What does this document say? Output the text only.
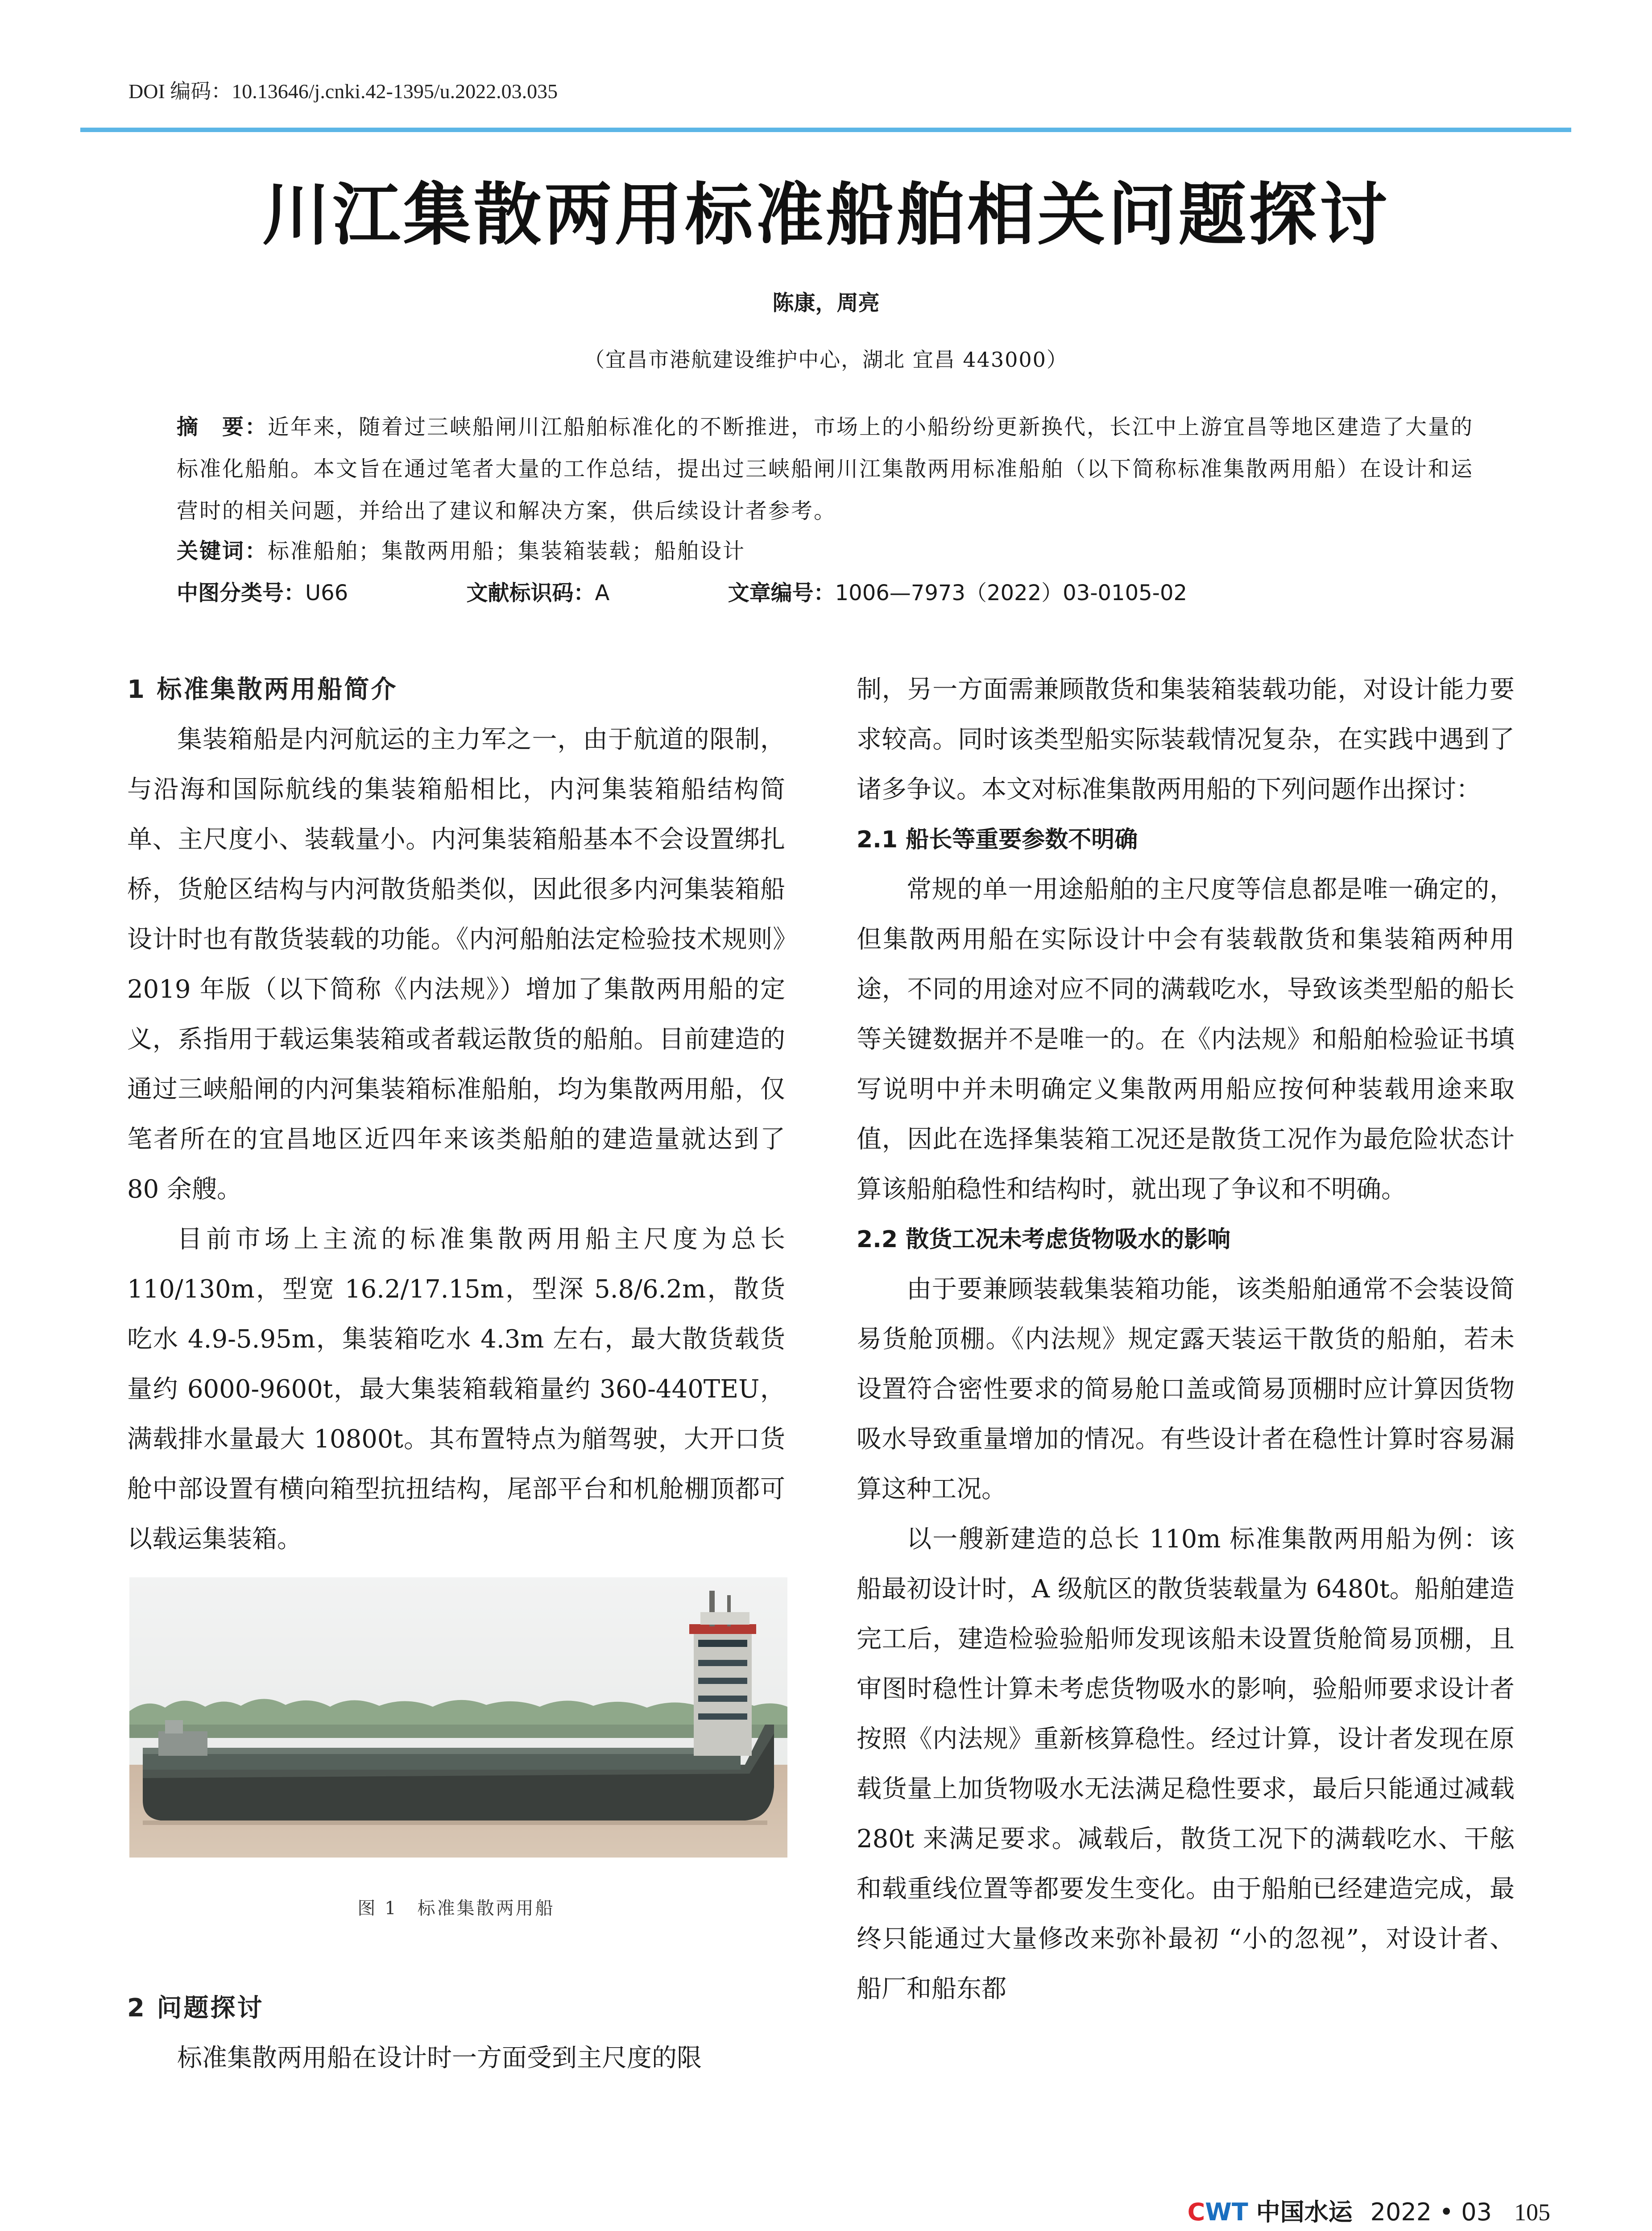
DOI 编码：10.13646/j.cnki.42-1395/u.2022.03.035
川江集散两用标准船舶相关问题探讨
陈康，周亮
（宜昌市港航建设维护中心，湖北 宜昌 443000）
摘　要：近年来，随着过三峡船闸川江船舶标准化的不断推进，市场上的小船纷纷更新换代，长江中上游宜昌等地区建造了大量的标准化船舶。本文旨在通过笔者大量的工作总结，提出过三峡船闸川江集散两用标准船舶（以下简称标准集散两用船）在设计和运营时的相关问题，并给出了建议和解决方案，供后续设计者参考。
关键词：标准船舶；集散两用船；集装箱装载；船舶设计
中图分类号：U66	文献标识码：A	文章编号：1006—7973（2022）03-0105-02
1 标准集散两用船简介

集装箱船是内河航运的主力军之一，由于航道的限制，与沿海和国际航线的集装箱船相比，内河集装箱船结构简单、主尺度小、装载量小。内河集装箱船基本不会设置绑扎桥，货舱区结构与内河散货船类似，因此很多内河集装箱船设计时也有散货装载的功能。《内河船舶法定检验技术规则》2019 年版（以下简称《内法规》）增加了集散两用船的定义，系指用于载运集装箱或者载运散货的船舶。目前建造的通过三峡船闸的内河集装箱标准船舶，均为集散两用船，仅笔者所在的宜昌地区近四年来该类船舶的建造量就达到了 80 余艘。

目前市场上主流的标准集散两用船主尺度为总长 110/130m，型宽 16.2/17.15m，型深 5.8/6.2m，散货吃水 4.9-5.95m，集装箱吃水 4.3m 左右，最大散货载货量约 6000-9600t，最大集装箱载箱量约 360-440TEU，满载排水量最大 10800t。其布置特点为艏驾驶，大开口货舱中部设置有横向箱型抗扭结构，尾部平台和机舱棚顶都可以载运集装箱。

图 1　标准集散两用船
2 问题探讨

标准集散两用船在设计时一方面受到主尺度的限

制，另一方面需兼顾散货和集装箱装载功能，对设计能力要求较高。同时该类型船实际装载情况复杂，在实践中遇到了诸多争议。本文对标准集散两用船的下列问题作出探讨：

2.1 船长等重要参数不明确

常规的单一用途船舶的主尺度等信息都是唯一确定的，但集散两用船在实际设计中会有装载散货和集装箱两种用途，不同的用途对应不同的满载吃水，导致该类型船的船长等关键数据并不是唯一的。在《内法规》和船舶检验证书填写说明中并未明确定义集散两用船应按何种装载用途来取值，因此在选择集装箱工况还是散货工况作为最危险状态计算该船舶稳性和结构时，就出现了争议和不明确。

2.2 散货工况未考虑货物吸水的影响

由于要兼顾装载集装箱功能，该类船舶通常不会装设简易货舱顶棚。《内法规》规定露天装运干散货的船舶，若未设置符合密性要求的简易舱口盖或简易顶棚时应计算因货物吸水导致重量增加的情况。有些设计者在稳性计算时容易漏算这种工况。

以一艘新建造的总长 110m 标准集散两用船为例：该船最初设计时，A 级航区的散货装载量为 6480t。船舶建造完工后，建造检验验船师发现该船未设置货舱简易顶棚，且审图时稳性计算未考虑货物吸水的影响，验船师要求设计者按照《内法规》重新核算稳性。经过计算，设计者发现在原载货量上加货物吸水无法满足稳性要求，最后只能通过减载 280t 来满足要求。减载后，散货工况下的满载吃水、干舷和载重线位置等都要发生变化。由于船舶已经建造完成，最终只能通过大量修改来弥补最初 “小的忽视”，对设计者、船厂和船东都

CWT 中国水运 2022 • 03 105
